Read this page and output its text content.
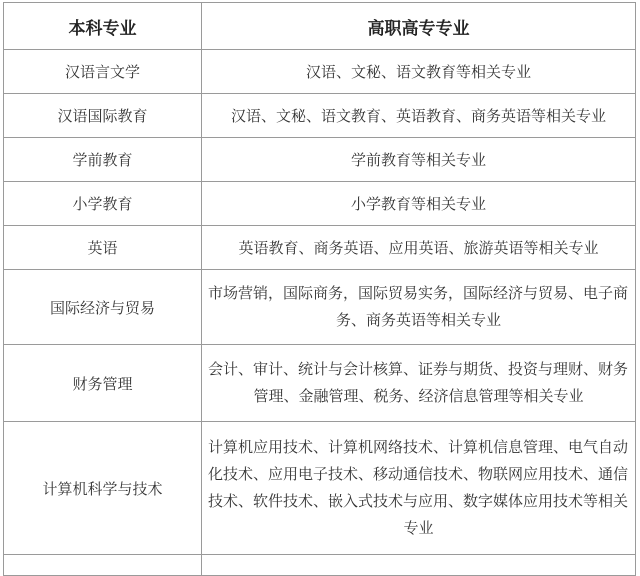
本科专业	高职高专专业
汉语言文学	汉语、文秘、语文教育等相关专业
汉语国际教育	汉语、文秘、语文教育、英语教育、商务英语等相关专业
学前教育	学前教育等相关专业
小学教育	小学教育等相关专业
英语	英语教育、商务英语、应用英语、旅游英语等相关专业
国际经济与贸易	市场营销，国际商务，国际贸易实务，国际经济与贸易、电子商

务、商务英语等相关专业

财务管理	会计、审计、统计与会计核算、证券与期货、投资与理财、财务

管理、金融管理、税务、经济信息管理等相关专业

计算机科学与技术	计算机应用技术、计算机网络技术、计算机信息管理、电气自动
化技术、应用电子技术、移动通信技术、物联网应用技术、通信
技术、软件技术、嵌入式技术与应用、数字媒体应用技术等相关

专业
